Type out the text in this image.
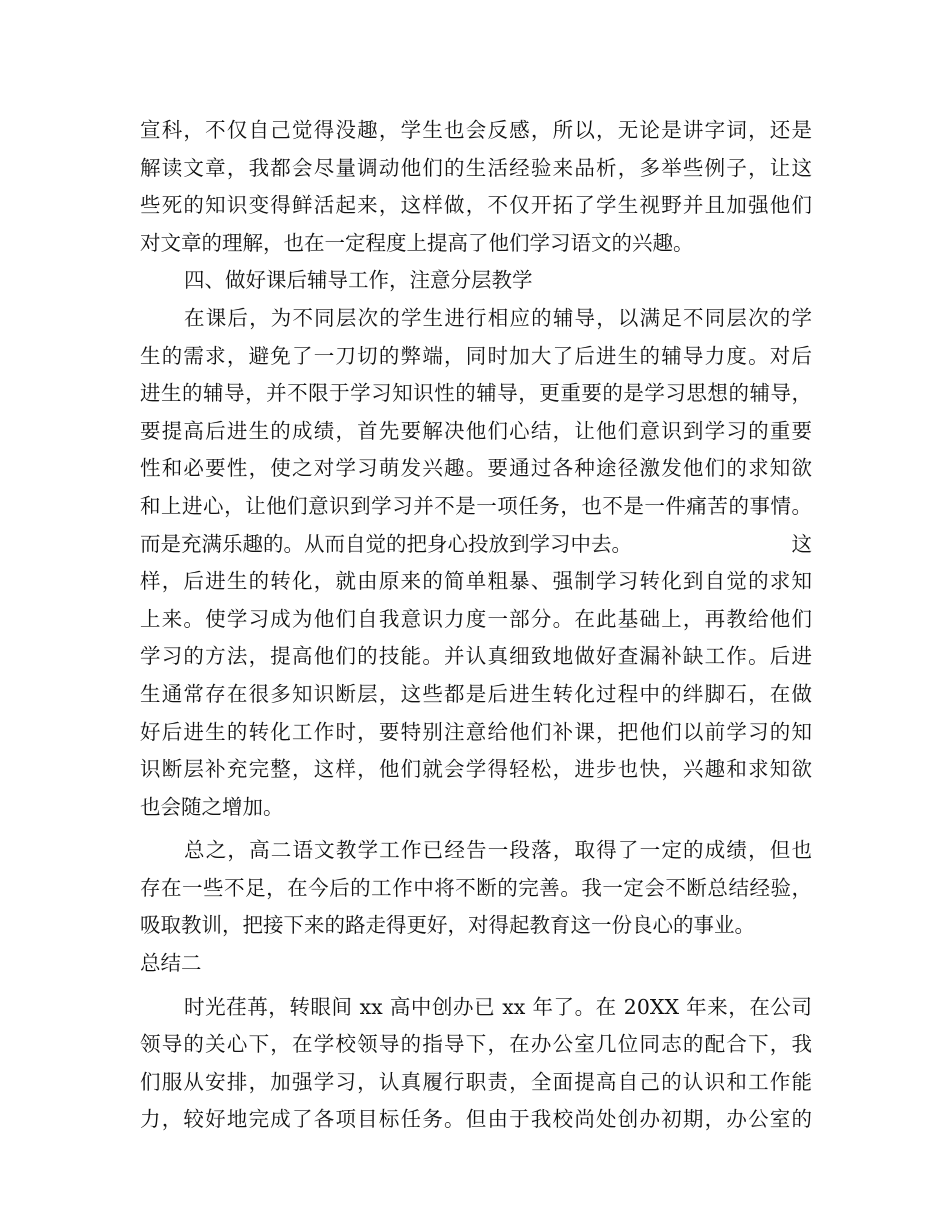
宣科，不仅自己觉得没趣，学生也会反感，所以，无论是讲字词，还是
解读文章，我都会尽量调动他们的生活经验来品析，多举些例子，让这
些死的知识变得鲜活起来，这样做，不仅开拓了学生视野并且加强他们
对文章的理解，也在一定程度上提高了他们学习语文的兴趣。
四、做好课后辅导工作，注意分层教学
在课后，为不同层次的学生进行相应的辅导，以满足不同层次的学
生的需求，避免了一刀切的弊端，同时加大了后进生的辅导力度。对后
进生的辅导，并不限于学习知识性的辅导，更重要的是学习思想的辅导，
要提高后进生的成绩，首先要解决他们心结，让他们意识到学习的重要
性和必要性，使之对学习萌发兴趣。要通过各种途径激发他们的求知欲
和上进心，让他们意识到学习并不是一项任务，也不是一件痛苦的事情。
而是充满乐趣的。从而自觉的把身心投放到学习中去。	这
样，后进生的转化，就由原来的简单粗暴、强制学习转化到自觉的求知
上来。使学习成为他们自我意识力度一部分。在此基础上，再教给他们
学习的方法，提高他们的技能。并认真细致地做好查漏补缺工作。后进
生通常存在很多知识断层，这些都是后进生转化过程中的绊脚石，在做
好后进生的转化工作时，要特别注意给他们补课，把他们以前学习的知
识断层补充完整，这样，他们就会学得轻松，进步也快，兴趣和求知欲
也会随之增加。
总之，高二语文教学工作已经告一段落，取得了一定的成绩，但也
存在一些不足，在今后的工作中将不断的完善。我一定会不断总结经验，
吸取教训，把接下来的路走得更好，对得起教育这一份良心的事业。
总结二
时光荏苒，转眼间 xx 高中创办已 xx 年了。在 20XX 年来，在公司
领导的关心下，在学校领导的指导下，在办公室几位同志的配合下，我
们服从安排，加强学习，认真履行职责，全面提高自己的认识和工作能
力，较好地完成了各项目标任务。但由于我校尚处创办初期，办公室的
